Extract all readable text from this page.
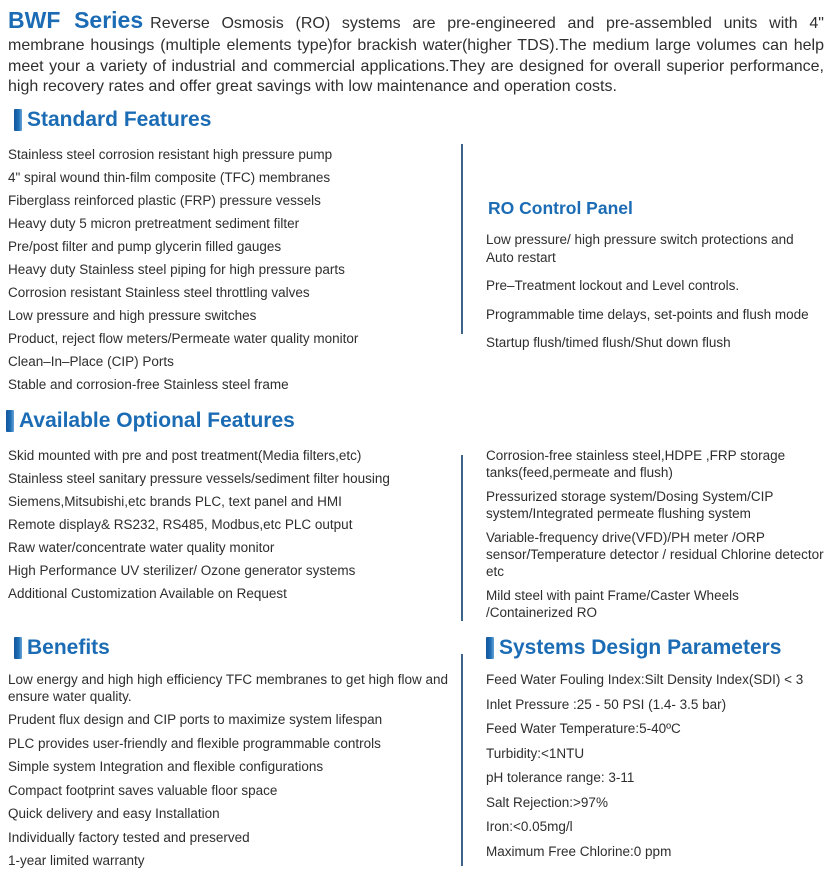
BWF Series Reverse Osmosis (RO) systems are pre-engineered and pre-assembled units with 4" membrane housings (multiple elements type)for brackish water(higher TDS).The medium large volumes can help meet your a variety of industrial and commercial applications.They are designed for overall superior performance, high recovery rates and offer great savings with low maintenance and operation costs.

Standard Features
Stainless steel corrosion resistant high pressure pump
4" spiral wound thin-film composite (TFC) membranes
Fiberglass reinforced plastic (FRP) pressure vessels
Heavy duty 5 micron pretreatment sediment filter
Pre/post filter and pump glycerin filled gauges
Heavy duty Stainless steel piping for high pressure parts
Corrosion resistant Stainless steel throttling valves
Low pressure and high pressure switches
Product, reject flow meters/Permeate water quality monitor
Clean–In–Place (CIP) Ports
Stable and corrosion-free Stainless steel frame
RO Control Panel
Low pressure/ high pressure switch protections and Auto restart
Pre–Treatment lockout and Level controls.
Programmable time delays, set-points and flush mode
Startup flush/timed flush/Shut down flush
Available Optional Features
Skid mounted with pre and post treatment(Media filters,etc)
Stainless steel sanitary pressure vessels/sediment filter housing
Siemens,Mitsubishi,etc brands PLC, text panel and HMI
Remote display& RS232, RS485, Modbus,etc PLC output
Raw water/concentrate water quality monitor
High Performance UV sterilizer/ Ozone generator systems
Additional Customization Available on Request
Corrosion-free stainless steel,HDPE ,FRP storage tanks(feed,permeate and flush)
Pressurized storage system/Dosing System/CIP system/Integrated permeate flushing system
Variable-frequency drive(VFD)/PH meter /ORP sensor/Temperature detector / residual Chlorine detector etc
Mild steel with paint Frame/Caster Wheels /Containerized RO
Benefits
Low energy and high high efficiency TFC membranes to get high flow and ensure water quality.
Prudent flux design and CIP ports to maximize system lifespan
PLC provides user-friendly and flexible programmable controls
Simple system Integration and flexible configurations
Compact footprint saves valuable floor space
Quick delivery and easy Installation
Individually factory tested and preserved
1-year limited warranty
Systems Design Parameters
Feed Water Fouling Index:Silt Density Index(SDI) < 3
Inlet Pressure :25 - 50 PSI (1.4- 3.5 bar)
Feed Water Temperature:5-40ºC
Turbidity:<1NTU
pH tolerance range: 3-11
Salt Rejection:>97%
Iron:<0.05mg/l
Maximum Free Chlorine:0 ppm
